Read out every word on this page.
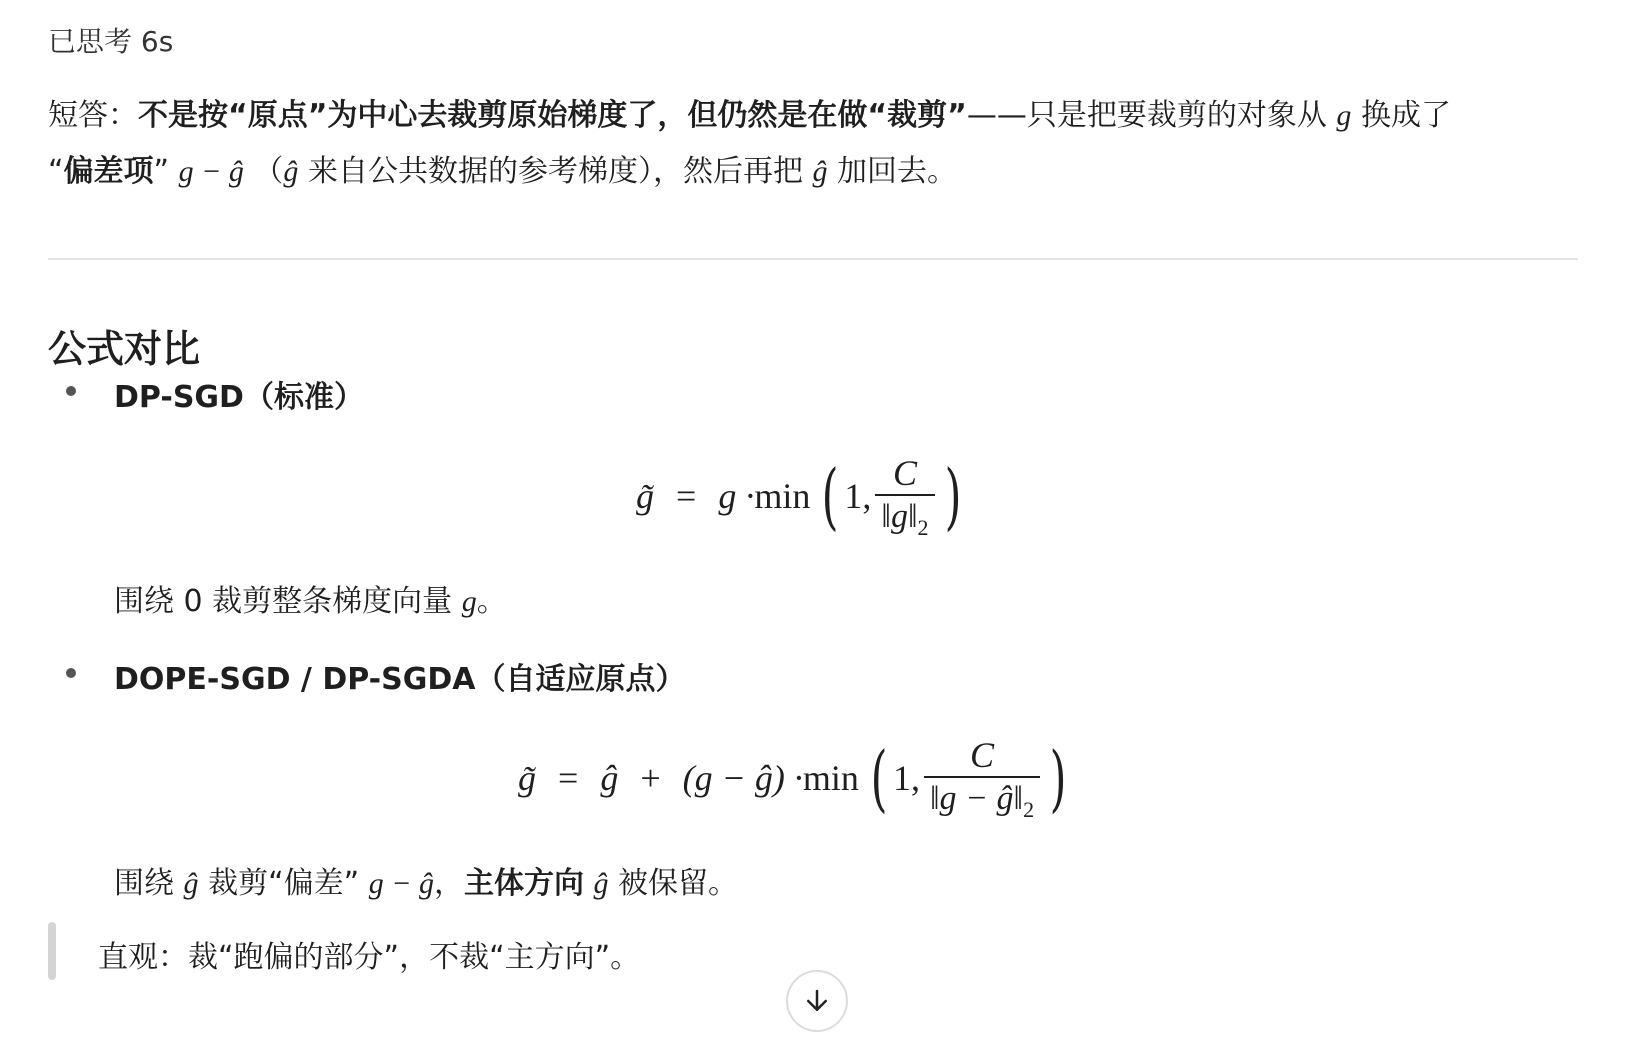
已思考 6s
短答：不是按“原点”为中心去裁剪原始梯度了，但仍然是在做“裁剪”——只是把要裁剪的对象从 g 换成了
“偏差项” g − ĝ （ĝ 来自公共数据的参考梯度），然后再把 ĝ 加回去。
公式对比
DP-SGD（标准）
g̃ = g · min ( 1, $\frac{C}{‖g‖_2}$ )
围绕 0 裁剪整条梯度向量 g。
DOPE-SGD / DP-SGDA（自适应原点）
g̃ = ĝ + (g − ĝ) · min ( 1, $\frac{C}{‖g - ĝ‖_2}$ )
围绕 ĝ 裁剪“偏差” g − ĝ，主体方向 ĝ 被保留。
直观：裁“跑偏的部分”，不裁“主方向”。
